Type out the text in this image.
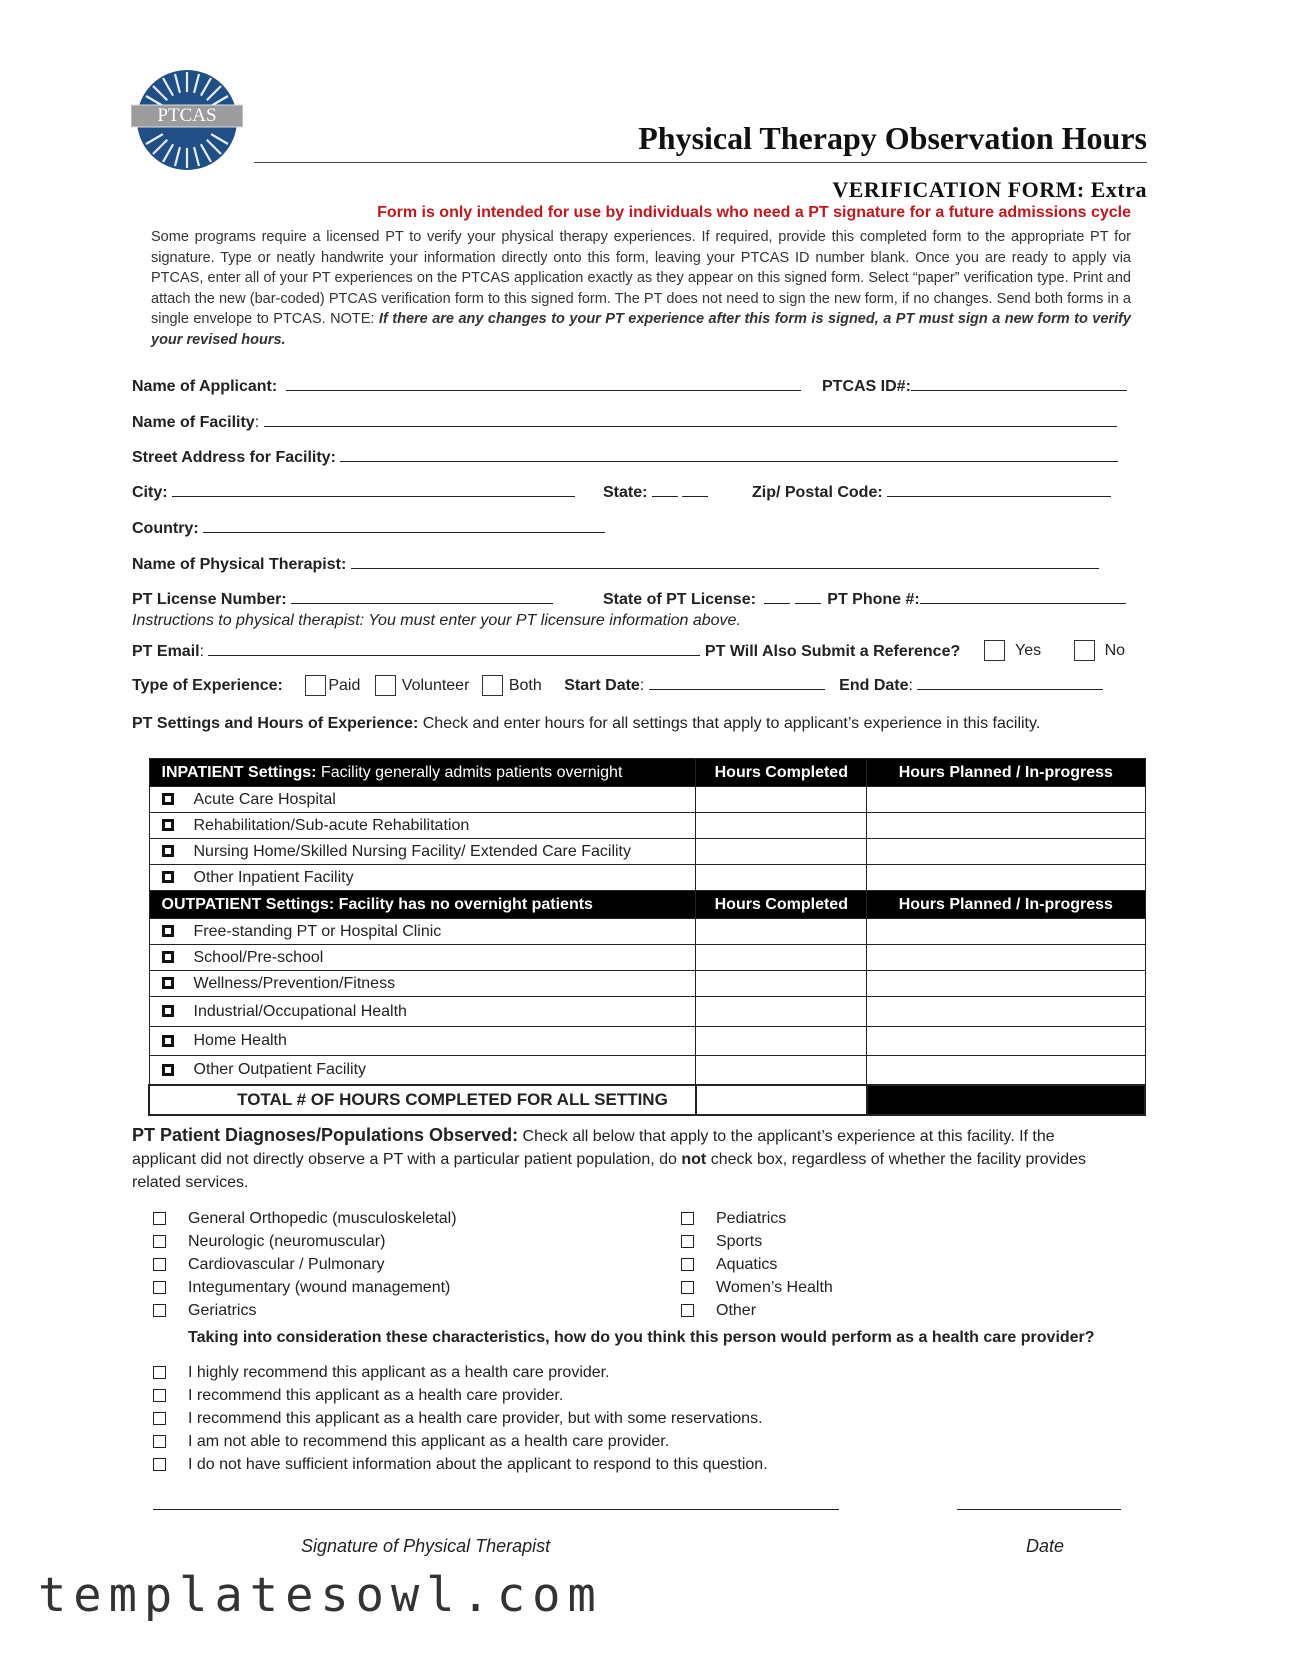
PTCAS
Physical Therapy Observation Hours
VERIFICATION FORM: Extra
Form is only intended for use by individuals who need a PT signature for a future admissions cycle
Some programs require a licensed PT to verify your physical therapy experiences. If required, provide this completed form to the appropriate PT for signature. Type or neatly handwrite your information directly onto this form, leaving your PTCAS ID number blank. Once you are ready to apply via PTCAS, enter all of your PT experiences on the PTCAS application exactly as they appear on this signed form. Select “paper” verification type. Print and attach the new (bar-coded) PTCAS verification form to this signed form. The PT does not need to sign the new form, if no changes. Send both forms in a single envelope to PTCAS. NOTE: If there are any changes to your PT experience after this form is signed, a PT must sign a new form to verify your revised hours.
Name of Applicant:	PTCAS ID#:
Name of Facility:
Street Address for Facility:
City:	State:	Zip/ Postal Code:
Country:
Name of Physical Therapist:
PT License Number:	State of PT License:	PT Phone #:
Instructions to physical therapist: You must enter your PT licensure information above.
PT Email:	PT Will Also Submit a Reference?	Yes	No
Type of Experience:	Paid	Volunteer Both Start Date:	End Date:
PT Settings and Hours of Experience: Check and enter hours for all settings that apply to applicant’s experience in this facility.
INPATIENT Settings: Facility generally admits patients overnight	Hours Completed	Hours Planned / In-progress
Acute Care Hospital		
Rehabilitation/Sub-acute Rehabilitation		
Nursing Home/Skilled Nursing Facility/ Extended Care Facility		
Other Inpatient Facility		
OUTPATIENT Settings: Facility has no overnight patients	Hours Completed	Hours Planned / In-progress
Free-standing PT or Hospital Clinic		
School/Pre-school		
Wellness/Prevention/Fitness		
Industrial/Occupational Health		
Home Health		
Other Outpatient Facility		
TOTAL # OF HOURS COMPLETED FOR ALL SETTING		
PT Patient Diagnoses/Populations Observed: Check all below that apply to the applicant’s experience at this facility. If the applicant did not directly observe a PT with a particular patient population, do not check box, regardless of whether the facility provides related services.
General Orthopedic (musculoskeletal)
Neurologic (neuromuscular)
Cardiovascular / Pulmonary
Integumentary (wound management)
Geriatrics
Pediatrics
Sports
Aquatics
Women’s Health
Other
Taking into consideration these characteristics, how do you think this person would perform as a health care provider?
I highly recommend this applicant as a health care provider.
I recommend this applicant as a health care provider.
I recommend this applicant as a health care provider, but with some reservations.
I am not able to recommend this applicant as a health care provider.
I do not have sufficient information about the applicant to respond to this question.
Signature of Physical Therapist	Date
templatesowl.com
